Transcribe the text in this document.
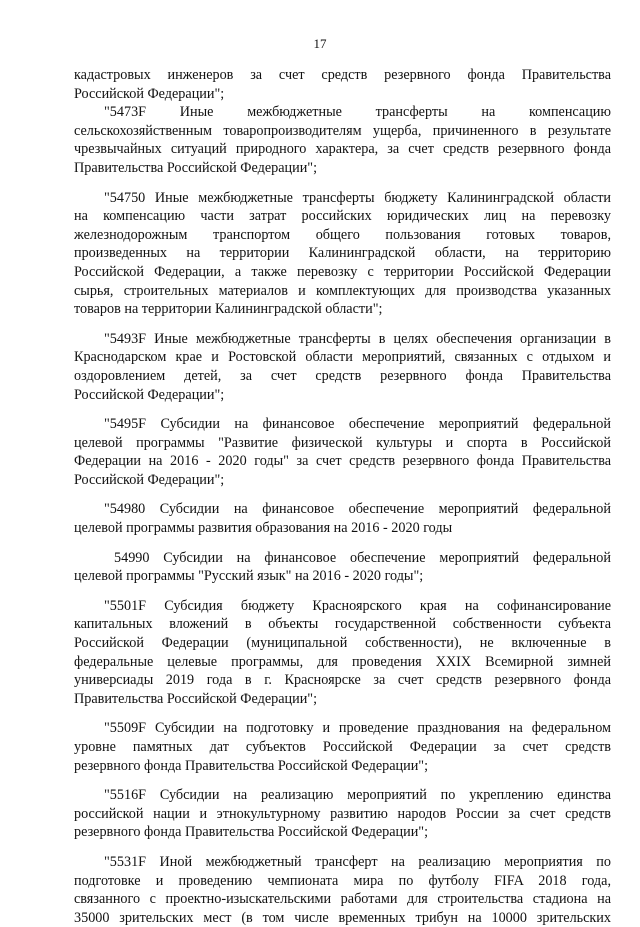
17

кадастровых инженеров за счет средств резервного фонда Правительства
Российской Федерации";

"5473F Иные межбюджетные трансферты на компенсацию
сельскохозяйственным товаропроизводителям ущерба, причиненного в результате
чрезвычайных ситуаций природного характера, за счет средств резервного фонда
Правительства Российской Федерации";

"54750 Иные межбюджетные трансферты бюджету Калининградской области
на компенсацию части затрат российских юридических лиц на перевозку
железнодорожным транспортом общего пользования готовых товаров,
произведенных на территории Калининградской области, на территорию
Российской Федерации, а также перевозку с территории Российской Федерации
сырья, строительных материалов и комплектующих для производства указанных
товаров на территории Калининградской области";

"5493F Иные межбюджетные трансферты в целях обеспечения организации в
Краснодарском крае и Ростовской области мероприятий, связанных с отдыхом и
оздоровлением детей, за счет средств резервного фонда Правительства
Российской Федерации";

"5495F Субсидии на финансовое обеспечение мероприятий федеральной
целевой программы "Развитие физической культуры и спорта в Российской
Федерации на 2016 - 2020 годы" за счет средств резервного фонда Правительства
Российской Федерации";

"54980 Субсидии на финансовое обеспечение мероприятий федеральной
целевой программы развития образования на 2016 - 2020 годы

54990 Субсидии на финансовое обеспечение мероприятий федеральной
целевой программы "Русский язык" на 2016 - 2020 годы";

"5501F Субсидия бюджету Красноярского края на софинансирование
капитальных вложений в объекты государственной собственности субъекта
Российской Федерации (муниципальной собственности), не включенные в
федеральные целевые программы, для проведения XXIX Всемирной зимней
универсиады 2019 года в г. Красноярске за счет средств резервного фонда
Правительства Российской Федерации";

"5509F Субсидии на подготовку и проведение празднования на федеральном
уровне памятных дат субъектов Российской Федерации за счет средств
резервного фонда Правительства Российской Федерации";

"5516F Субсидии на реализацию мероприятий по укреплению единства
российской нации и этнокультурному развитию народов России за счет средств
резервного фонда Правительства Российской Федерации";

"5531F Иной межбюджетный трансферт на реализацию мероприятия по
подготовке и проведению чемпионата мира по футболу FIFA 2018 года,
связанного с проектно-изыскательскими работами для строительства стадиона на
35000 зрительских мест (в том числе временных трибун на 10000 зрительских
